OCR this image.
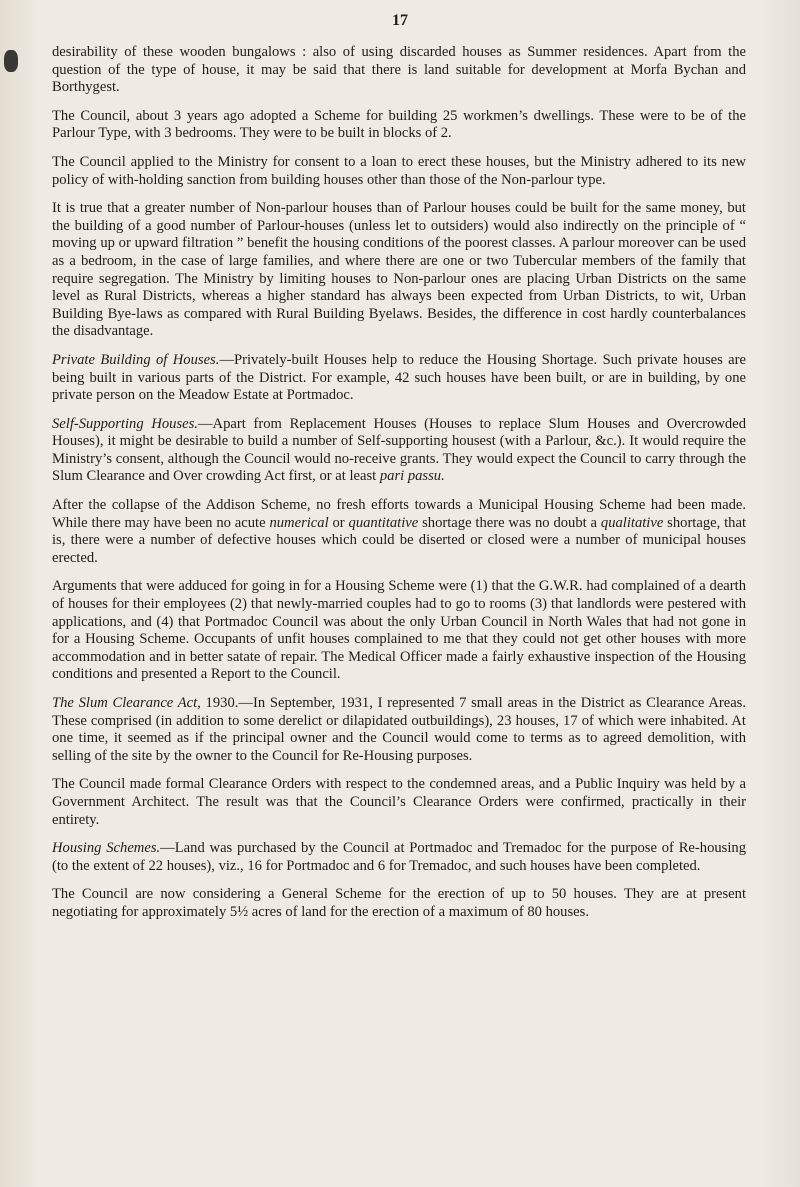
17

desirability of these wooden bungalows : also of using discarded houses as Summer residences. Apart from the question of the type of house, it may be said that there is land suitable for development at Morfa Bychan and Borthygest.

The Council, about 3 years ago adopted a Scheme for building 25 workmen’s dwellings. These were to be of the Parlour Type, with 3 bedrooms. They were to be built in blocks of 2.

The Council applied to the Ministry for consent to a loan to erect these houses, but the Ministry adhered to its new policy of with-holding sanction from building houses other than those of the Non-parlour type.

It is true that a greater number of Non-parlour houses than of Parlour houses could be built for the same money, but the building of a good number of Parlour-houses (unless let to outsiders) would also indirectly on the principle of “ moving up or upward filtration ” benefit the housing conditions of the poorest classes. A parlour moreover can be used as a bedroom, in the case of large families, and where there are one or two Tubercular members of the family that require segregation. The Ministry by limiting houses to Non-parlour ones are placing Urban Districts on the same level as Rural Districts, whereas a higher standard has always been expected from Urban Districts, to wit, Urban Building Bye-laws as compared with Rural Building Byelaws. Besides, the difference in cost hardly counterbalances the disadvantage.

Private Building of Houses.—Privately-built Houses help to reduce the Housing Shortage. Such private houses are being built in various parts of the District. For example, 42 such houses have been built, or are in building, by one private person on the Meadow Estate at Portmadoc.

Self-Supporting Houses.—Apart from Replacement Houses (Houses to replace Slum Houses and Overcrowded Houses), it might be desirable to build a number of Self-supporting housest (with a Parlour, &c.). It would require the Ministry’s consent, although the Council would no-receive grants. They would expect the Council to carry through the Slum Clearance and Over crowding Act first, or at least pari passu.

After the collapse of the Addison Scheme, no fresh efforts towards a Municipal Housing Scheme had been made. While there may have been no acute numerical or quantitative shortage there was no doubt a qualitative shortage, that is, there were a number of defective houses which could be diserted or closed were a number of municipal houses erected.

Arguments that were adduced for going in for a Housing Scheme were (1) that the G.W.R. had complained of a dearth of houses for their employees (2) that newly-married couples had to go to rooms (3) that landlords were pestered with applications, and (4) that Portmadoc Council was about the only Urban Council in North Wales that had not gone in for a Housing Scheme. Occupants of unfit houses complained to me that they could not get other houses with more accommodation and in better satate of repair. The Medical Officer made a fairly exhaustive inspection of the Housing conditions and presented a Report to the Council.

The Slum Clearance Act, 1930.—In September, 1931, I represented 7 small areas in the District as Clearance Areas. These comprised (in addition to some derelict or dilapidated outbuildings), 23 houses, 17 of which were inhabited. At one time, it seemed as if the principal owner and the Council would come to terms as to agreed demolition, with selling of the site by the owner to the Council for Re-Housing purposes.

The Council made formal Clearance Orders with respect to the condemned areas, and a Public Inquiry was held by a Government Architect. The result was that the Council’s Clearance Orders were confirmed, practically in their entirety.

Housing Schemes.—Land was purchased by the Council at Portmadoc and Tremadoc for the purpose of Re-housing (to the extent of 22 houses), viz., 16 for Portmadoc and 6 for Tremadoc, and such houses have been completed.

The Council are now considering a General Scheme for the erection of up to 50 houses. They are at present negotiating for approximately 5½ acres of land for the erection of a maximum of 80 houses.
